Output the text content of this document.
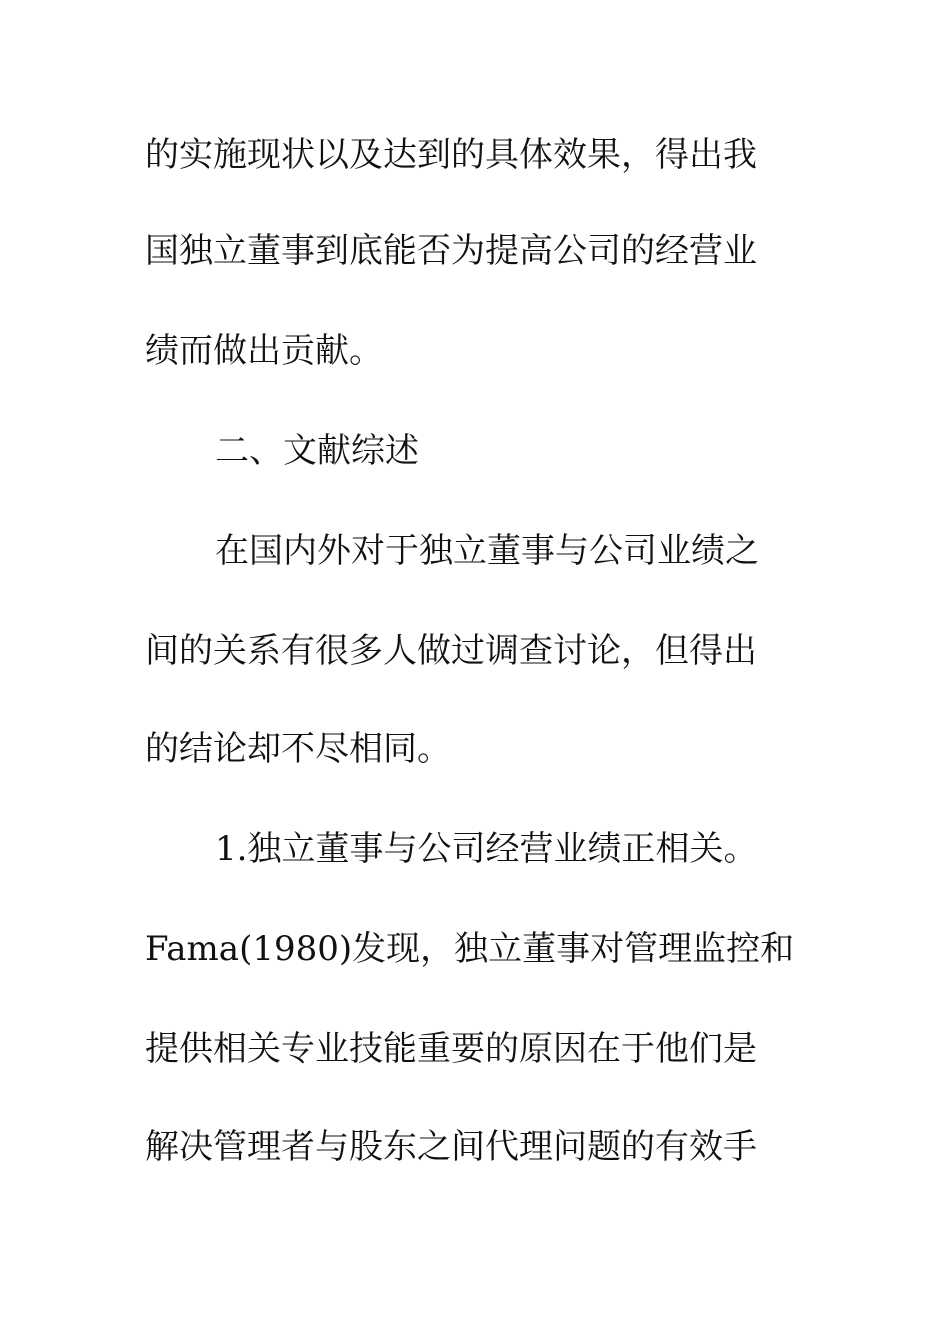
的实施现状以及达到的具体效果，得出我
国独立董事到底能否为提高公司的经营业
绩而做出贡献。
二、文献综述
在国内外对于独立董事与公司业绩之
间的关系有很多人做过调查讨论，但得出
的结论却不尽相同。
1.独立董事与公司经营业绩正相关。
Fama(1980)发现，独立董事对管理监控和
提供相关专业技能重要的原因在于他们是
解决管理者与股东之间代理问题的有效手
